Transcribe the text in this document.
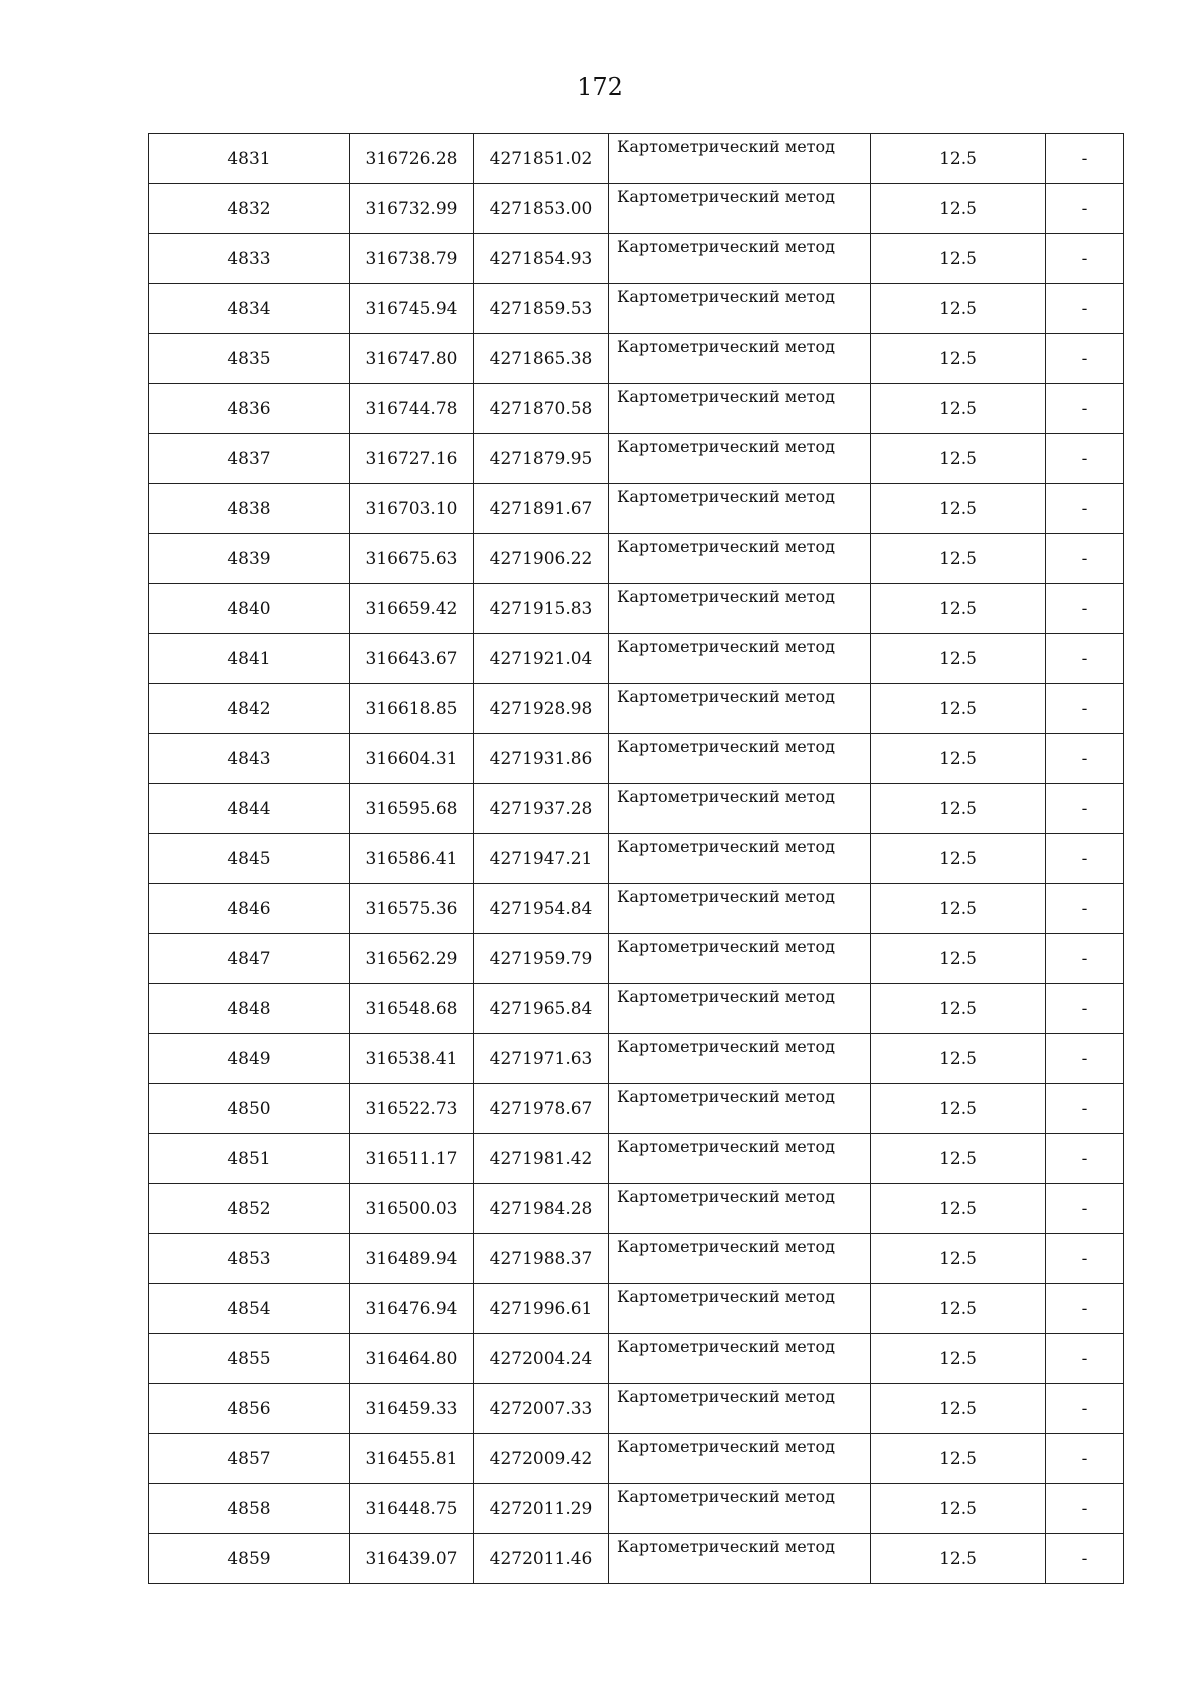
172
4831	316726.28	4271851.02	Картометрический метод	12.5	-
4832	316732.99	4271853.00	Картометрический метод	12.5	-
4833	316738.79	4271854.93	Картометрический метод	12.5	-
4834	316745.94	4271859.53	Картометрический метод	12.5	-
4835	316747.80	4271865.38	Картометрический метод	12.5	-
4836	316744.78	4271870.58	Картометрический метод	12.5	-
4837	316727.16	4271879.95	Картометрический метод	12.5	-
4838	316703.10	4271891.67	Картометрический метод	12.5	-
4839	316675.63	4271906.22	Картометрический метод	12.5	-
4840	316659.42	4271915.83	Картометрический метод	12.5	-
4841	316643.67	4271921.04	Картометрический метод	12.5	-
4842	316618.85	4271928.98	Картометрический метод	12.5	-
4843	316604.31	4271931.86	Картометрический метод	12.5	-
4844	316595.68	4271937.28	Картометрический метод	12.5	-
4845	316586.41	4271947.21	Картометрический метод	12.5	-
4846	316575.36	4271954.84	Картометрический метод	12.5	-
4847	316562.29	4271959.79	Картометрический метод	12.5	-
4848	316548.68	4271965.84	Картометрический метод	12.5	-
4849	316538.41	4271971.63	Картометрический метод	12.5	-
4850	316522.73	4271978.67	Картометрический метод	12.5	-
4851	316511.17	4271981.42	Картометрический метод	12.5	-
4852	316500.03	4271984.28	Картометрический метод	12.5	-
4853	316489.94	4271988.37	Картометрический метод	12.5	-
4854	316476.94	4271996.61	Картометрический метод	12.5	-
4855	316464.80	4272004.24	Картометрический метод	12.5	-
4856	316459.33	4272007.33	Картометрический метод	12.5	-
4857	316455.81	4272009.42	Картометрический метод	12.5	-
4858	316448.75	4272011.29	Картометрический метод	12.5	-
4859	316439.07	4272011.46	Картометрический метод	12.5	-
